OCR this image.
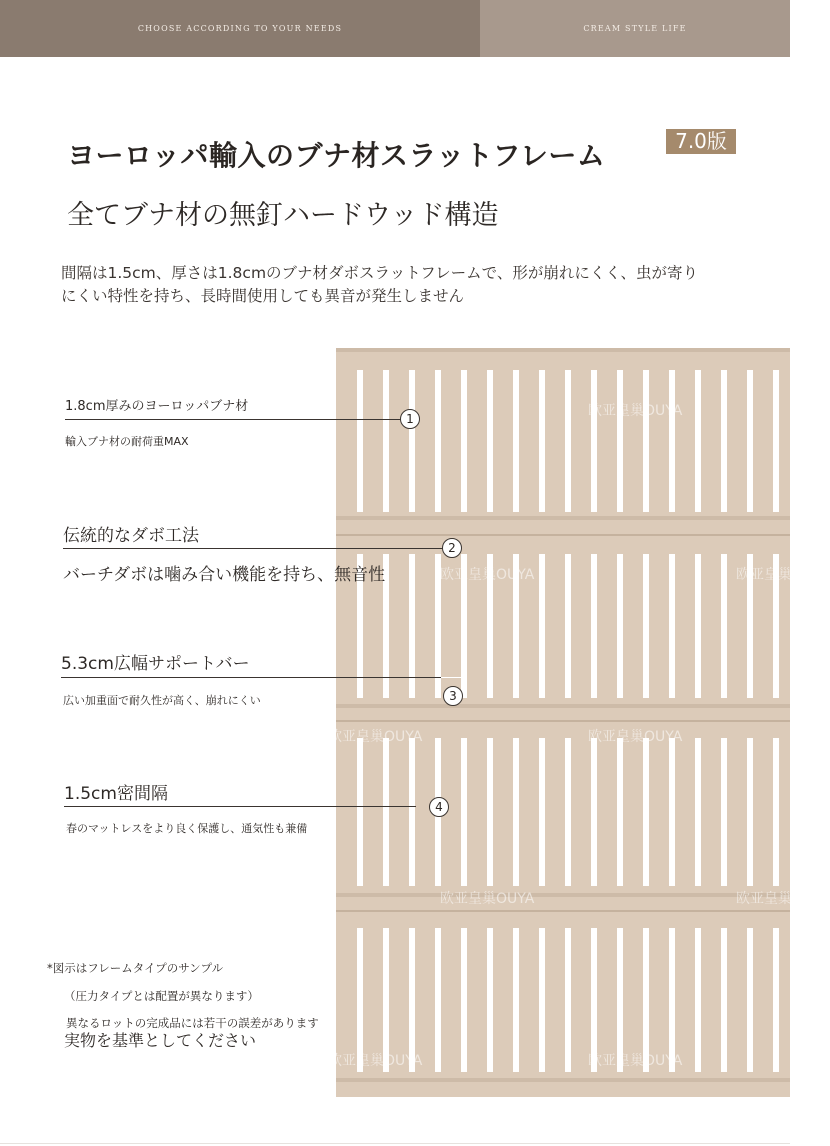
CHOOSE ACCORDING TO YOUR NEEDS	CREAM STYLE LIFE
ヨーロッパ輸入のブナ材スラットフレーム	7.0版
全てブナ材の無釘ハードウッド構造
間隔は1.5cm、厚さは1.8cmのブナ材ダボスラットフレームで、形が崩れにくく、虫が寄りにくい特性を持ち、長時間使用しても異音が発生しません
欧亚皇巢OUYA
欧亚皇巢OUYA	欧亚皇巢OUYA
欧亚皇巢OUYA	欧亚皇巢OUYA
欧亚皇巢OUYA	欧亚皇巢OUYA
欧亚皇巢OUYA	欧亚皇巢OUYA
1.8cm厚みのヨーロッパブナ材
1
輸入ブナ材の耐荷重MAX
伝統的なダボ工法
2
バーチダボは噛み合い機能を持ち、無音性
5.3cm広幅サポートバー
3
広い加重面で耐久性が高く、崩れにくい
1.5cm密間隔
4
春のマットレスをより良く保護し、通気性も兼備
*図示はフレームタイプのサンプル
（圧力タイプとは配置が異なります）
異なるロットの完成品には若干の誤差があります
実物を基準としてください
